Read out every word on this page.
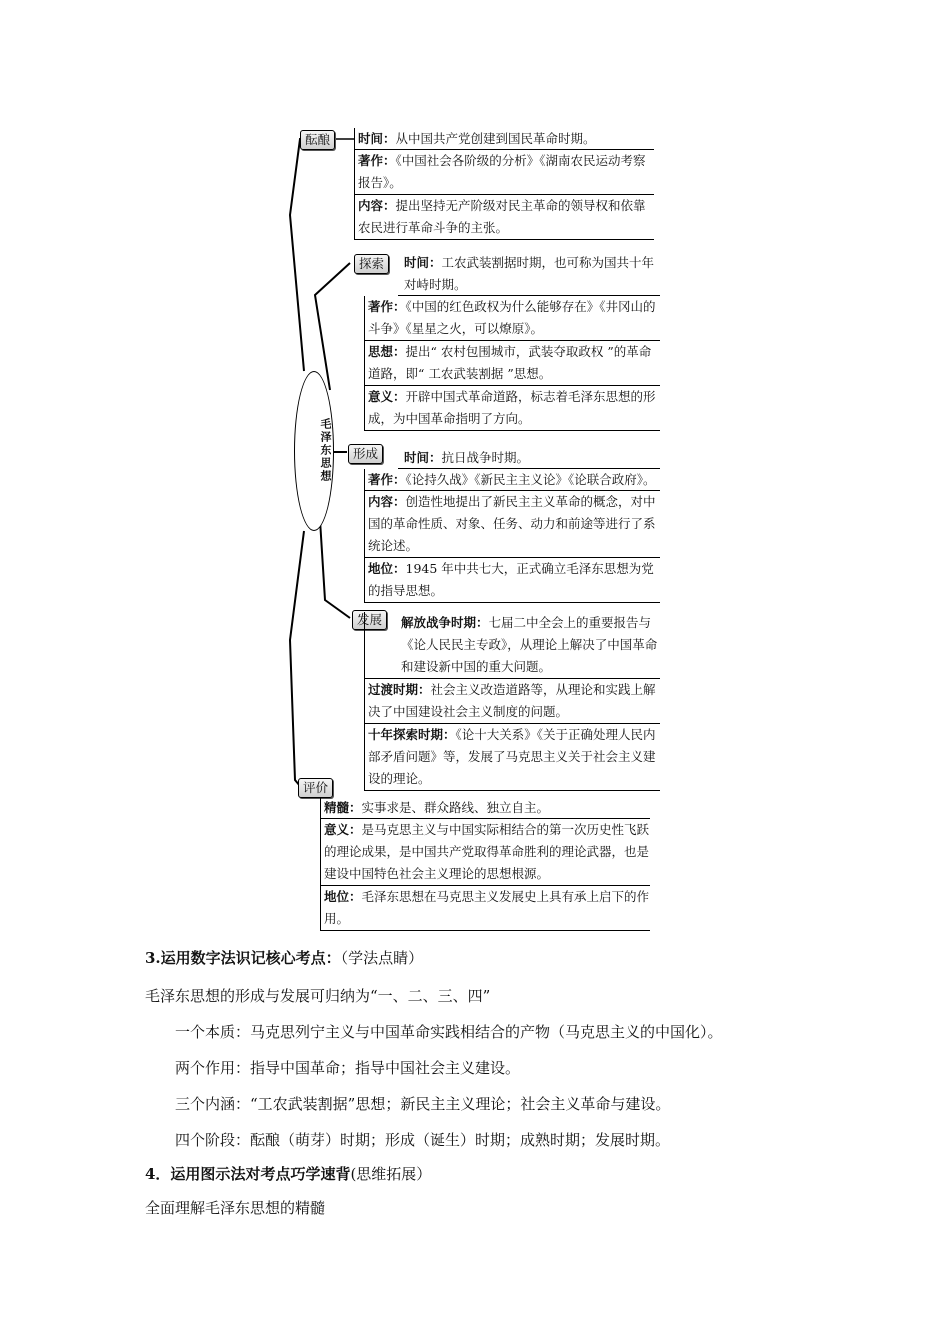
毛泽东思想
酝酿	时间：从中国共产党创建到国民革命时期。
著作：《中国社会各阶级的分析》《湖南农民运动考察报告》。
内容：提出坚持无产阶级对民主革命的领导权和依靠农民进行革命斗争的主张。
探索	时间：工农武装割据时期，也可称为国共十年对峙时期。
著作：《中国的红色政权为什么能够存在》《井冈山的斗争》《星星之火，可以燎原》。
思想：提出“ 农村包围城市，武装夺取政权 ”的革命道路，即“ 工农武装割据 ”思想。
意义：开辟中国式革命道路，标志着毛泽东思想的形成，为中国革命指明了方向。
形成	时间：抗日战争时期。
著作：《论持久战》《新民主主义论》《论联合政府》。
内容：创造性地提出了新民主主义革命的概念，对中国的革命性质、对象、任务、动力和前途等进行了系统论述。
地位：1945 年中共七大，正式确立毛泽东思想为党的指导思想。
发展	解放战争时期：七届二中全会上的重要报告与《论人民民主专政》，从理论上解决了中国革命和建设新中国的重大问题。
过渡时期：社会主义改造道路等，从理论和实践上解决了中国建设社会主义制度的问题。
十年探索时期：《论十大关系》《关于正确处理人民内部矛盾问题》等，发展了马克思主义关于社会主义建设的理论。
评价
精髓：实事求是、群众路线、独立自主。
意义：是马克思主义与中国实际相结合的第一次历史性飞跃的理论成果，是中国共产党取得革命胜利的理论武器，也是建设中国特色社会主义理论的思想根源。
地位：毛泽东思想在马克思主义发展史上具有承上启下的作用。
3.运用数字法识记核心考点：（学法点睛）
毛泽东思想的形成与发展可归纳为“一、二、三、四”
一个本质：马克思列宁主义与中国革命实践相结合的产物（马克思主义的中国化）。
两个作用：指导中国革命；指导中国社会主义建设。
三个内涵：“工农武装割据”思想；新民主主义理论；社会主义革命与建设。
四个阶段：酝酿（萌芽）时期；形成（诞生）时期；成熟时期；发展时期。
4．运用图示法对考点巧学速背(思维拓展）
全面理解毛泽东思想的精髓
